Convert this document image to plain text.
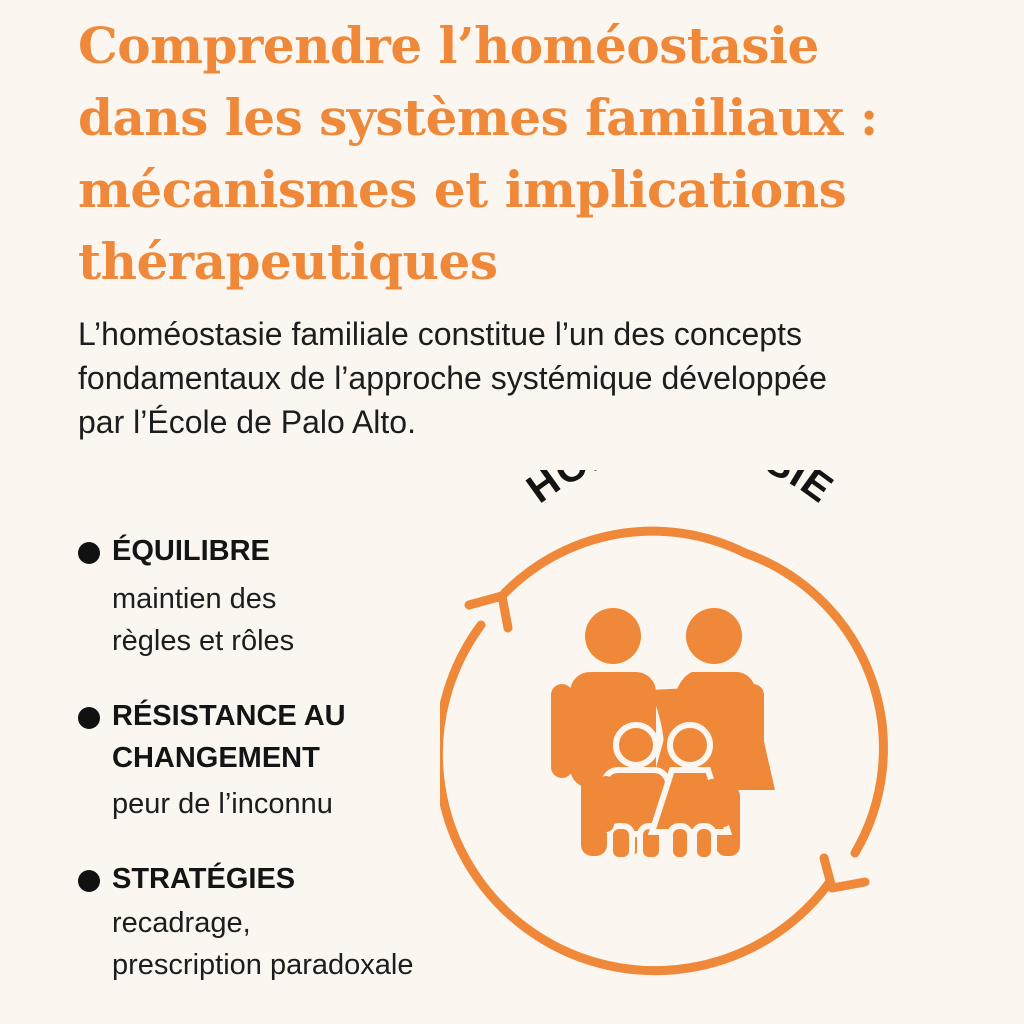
Comprendre l’homéostasie
dans les systèmes familiaux :
mécanismes et implications
thérapeutiques

L’homéostasie familiale constitue l’un des concepts
fondamentaux de l’approche systémique développée
par l’École de Palo Alto.

ÉQUILIBRE
maintien des
règles et rôles
RÉSISTANCE AU
CHANGEMENT
peur de l’inconnu
STRATÉGIES
recadrage,
prescription paradoxale
H IE
